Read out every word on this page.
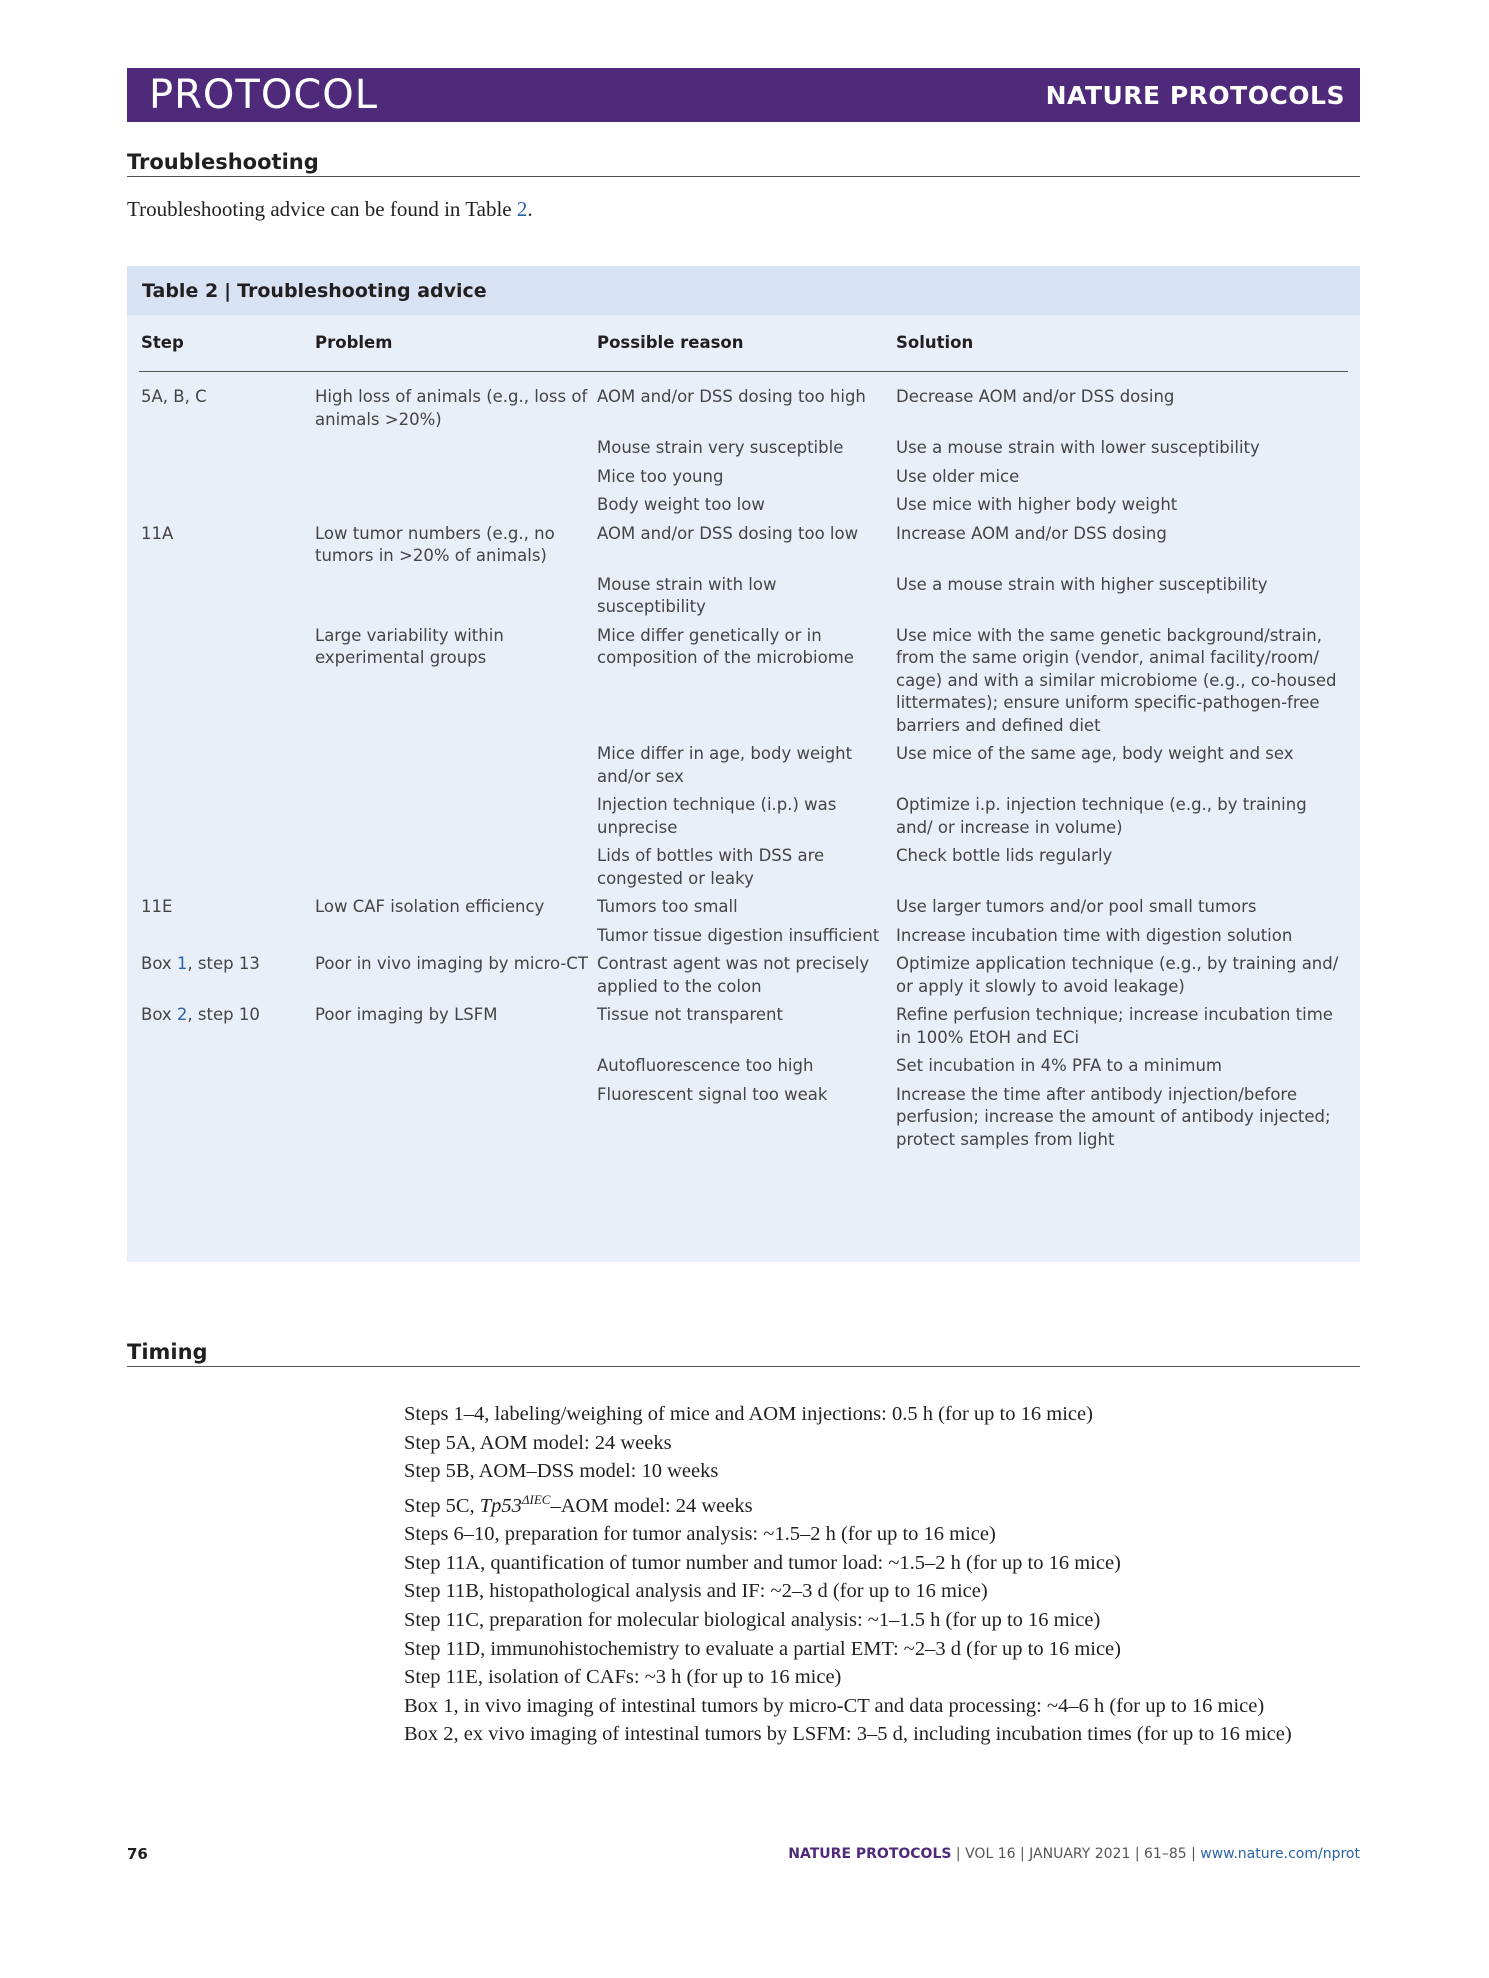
PROTOCOL	NATURE PROTOCOLS
Troubleshooting
Troubleshooting advice can be found in Table 2.
Table 2 | Troubleshooting advice
Step	Problem	Possible reason	Solution
5A, B, C	High loss of animals (e.g., loss of animals >20%)	AOM and/or DSS dosing too high	Decrease AOM and/or DSS dosing
		Mouse strain very susceptible	Use a mouse strain with lower susceptibility
		Mice too young	Use older mice
		Body weight too low	Use mice with higher body weight
11A	Low tumor numbers (e.g., no tumors in >20% of animals)	AOM and/or DSS dosing too low	Increase AOM and/or DSS dosing
		Mouse strain with low susceptibility	Use a mouse strain with higher susceptibility
	Large variability within experimental groups	Mice differ genetically or in composition of the microbiome	Use mice with the same genetic background/strain, from the same origin (vendor, animal facility/room/ cage) and with a similar microbiome (e.g., co-housed littermates); ensure uniform specific-pathogen-free barriers and defined diet
		Mice differ in age, body weight and/or sex	Use mice of the same age, body weight and sex
		Injection technique (i.p.) was unprecise	Optimize i.p. injection technique (e.g., by training and/ or increase in volume)
		Lids of bottles with DSS are congested or leaky	Check bottle lids regularly
11E	Low CAF isolation efficiency	Tumors too small	Use larger tumors and/or pool small tumors
		Tumor tissue digestion insufficient	Increase incubation time with digestion solution
Box 1, step 13	Poor in vivo imaging by micro-CT	Contrast agent was not precisely applied to the colon	Optimize application technique (e.g., by training and/ or apply it slowly to avoid leakage)
Box 2, step 10	Poor imaging by LSFM	Tissue not transparent	Refine perfusion technique; increase incubation time in 100% EtOH and ECi
		Autofluorescence too high	Set incubation in 4% PFA to a minimum
		Fluorescent signal too weak	Increase the time after antibody injection/before perfusion; increase the amount of antibody injected; protect samples from light
Timing
Steps 1–4, labeling/weighing of mice and AOM injections: 0.5 h (for up to 16 mice)
Step 5A, AOM model: 24 weeks
Step 5B, AOM–DSS model: 10 weeks
Step 5C, $Tp53^{\Delta IEC}$–AOM model: 24 weeks
Steps 6–10, preparation for tumor analysis: ~1.5–2 h (for up to 16 mice)
Step 11A, quantification of tumor number and tumor load: ~1.5–2 h (for up to 16 mice)
Step 11B, histopathological analysis and IF: ~2–3 d (for up to 16 mice)
Step 11C, preparation for molecular biological analysis: ~1–1.5 h (for up to 16 mice)
Step 11D, immunohistochemistry to evaluate a partial EMT: ~2–3 d (for up to 16 mice)
Step 11E, isolation of CAFs: ~3 h (for up to 16 mice)
Box 1, in vivo imaging of intestinal tumors by micro-CT and data processing: ~4–6 h (for up to 16 mice)
Box 2, ex vivo imaging of intestinal tumors by LSFM: 3–5 d, including incubation times (for up to 16 mice)
76	NATURE PROTOCOLS | VOL 16 | JANUARY 2021 | 61–85 | www.nature.com/nprot
